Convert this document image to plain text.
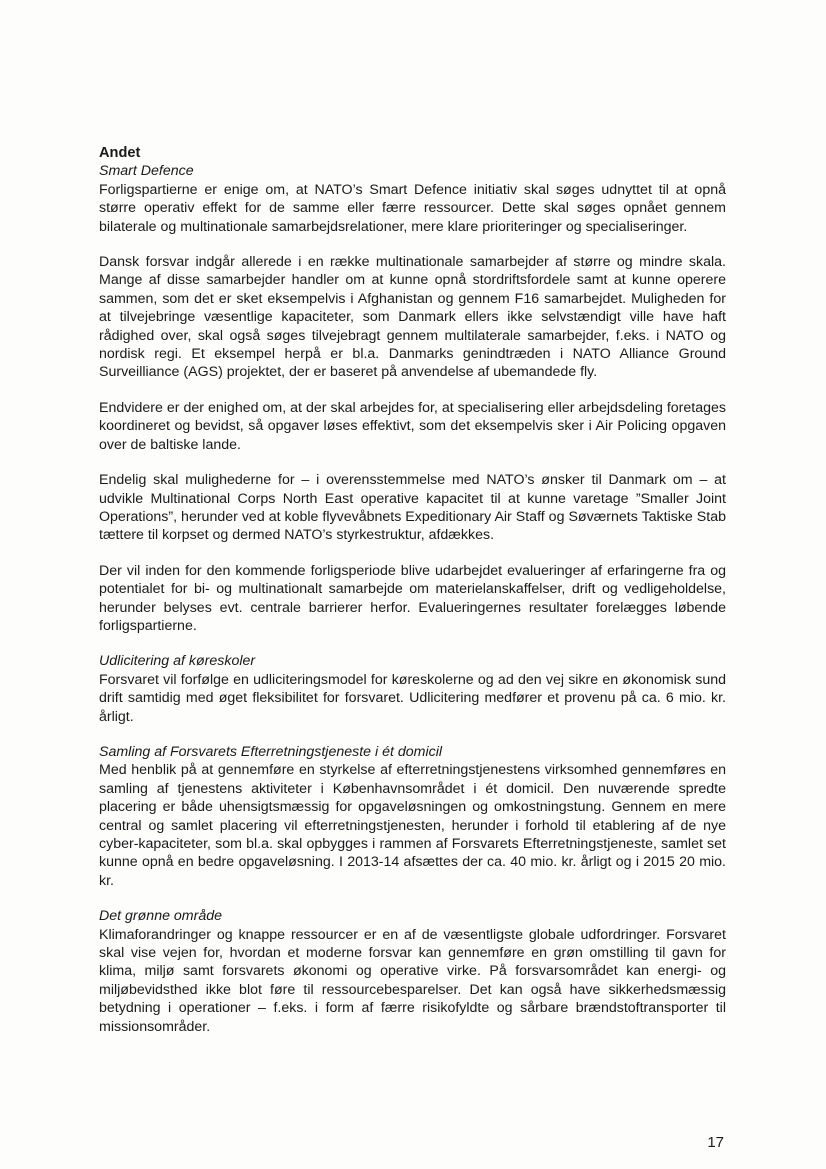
Andet
Smart Defence

Forligspartierne er enige om, at NATO’s Smart Defence initiativ skal søges udnyttet til at opnå større operativ effekt for de samme eller færre ressourcer. Dette skal søges opnået gennem bilaterale og multinationale samarbejdsrelationer, mere klare prioriteringer og specialiseringer.

Dansk forsvar indgår allerede i en række multinationale samarbejder af større og mindre skala. Mange af disse samarbejder handler om at kunne opnå stordriftsfordele samt at kunne operere sammen, som det er sket eksempelvis i Afghanistan og gennem F16 samarbejdet. Muligheden for at tilvejebringe væsentlige kapaciteter, som Danmark ellers ikke selvstændigt ville have haft rådighed over, skal også søges tilvejebragt gennem multilaterale samarbejder, f.eks. i NATO og nordisk regi. Et eksempel herpå er bl.a. Danmarks genindtræden i NATO Alliance Ground Surveilliance (AGS) projektet, der er baseret på anvendelse af ubemandede fly.

Endvidere er der enighed om, at der skal arbejdes for, at specialisering eller arbejdsdeling foretages koordineret og bevidst, så opgaver løses effektivt, som det eksempelvis sker i Air Policing opgaven over de baltiske lande.

Endelig skal mulighederne for – i overensstemmelse med NATO’s ønsker til Danmark om – at udvikle Multinational Corps North East operative kapacitet til at kunne varetage ”Smaller Joint Operations”, herunder ved at koble flyvevåbnets Expeditionary Air Staff og Søværnets Taktiske Stab tættere til korpset og dermed NATO’s styrkestruktur, afdækkes.

Der vil inden for den kommende forligsperiode blive udarbejdet evalueringer af erfaringerne fra og potentialet for bi- og multinationalt samarbejde om materielanskaffelser, drift og vedligeholdelse, herunder belyses evt. centrale barrierer herfor. Evalueringernes resultater forelægges løbende forligspartierne.

Udlicitering af køreskoler

Forsvaret vil forfølge en udliciteringsmodel for køreskolerne og ad den vej sikre en økonomisk sund drift samtidig med øget fleksibilitet for forsvaret. Udlicitering medfører et provenu på ca. 6 mio. kr. årligt.

Samling af Forsvarets Efterretningstjeneste i ét domicil

Med henblik på at gennemføre en styrkelse af efterretningstjenestens virksomhed gennemføres en samling af tjenestens aktiviteter i Københavnsområdet i ét domicil. Den nuværende spredte placering er både uhensigtsmæssig for opgaveløsningen og omkostningstung. Gennem en mere central og samlet placering vil efterretningstjenesten, herunder i forhold til etablering af de nye cyber-kapaciteter, som bl.a. skal opbygges i rammen af Forsvarets Efterretningstjeneste, samlet set kunne opnå en bedre opgaveløsning. I 2013-14 afsættes der ca. 40 mio. kr. årligt og i 2015 20 mio. kr.

Det grønne område

Klimaforandringer og knappe ressourcer er en af de væsentligste globale udfordringer. Forsvaret skal vise vejen for, hvordan et moderne forsvar kan gennemføre en grøn omstilling til gavn for klima, miljø samt forsvarets økonomi og operative virke. På forsvarsområdet kan energi- og miljøbevidsthed ikke blot føre til ressourcebesparelser. Det kan også have sikkerhedsmæssig betydning i operationer – f.eks. i form af færre risikofyldte og sårbare brændstoftransporter til missionsområder.

17
